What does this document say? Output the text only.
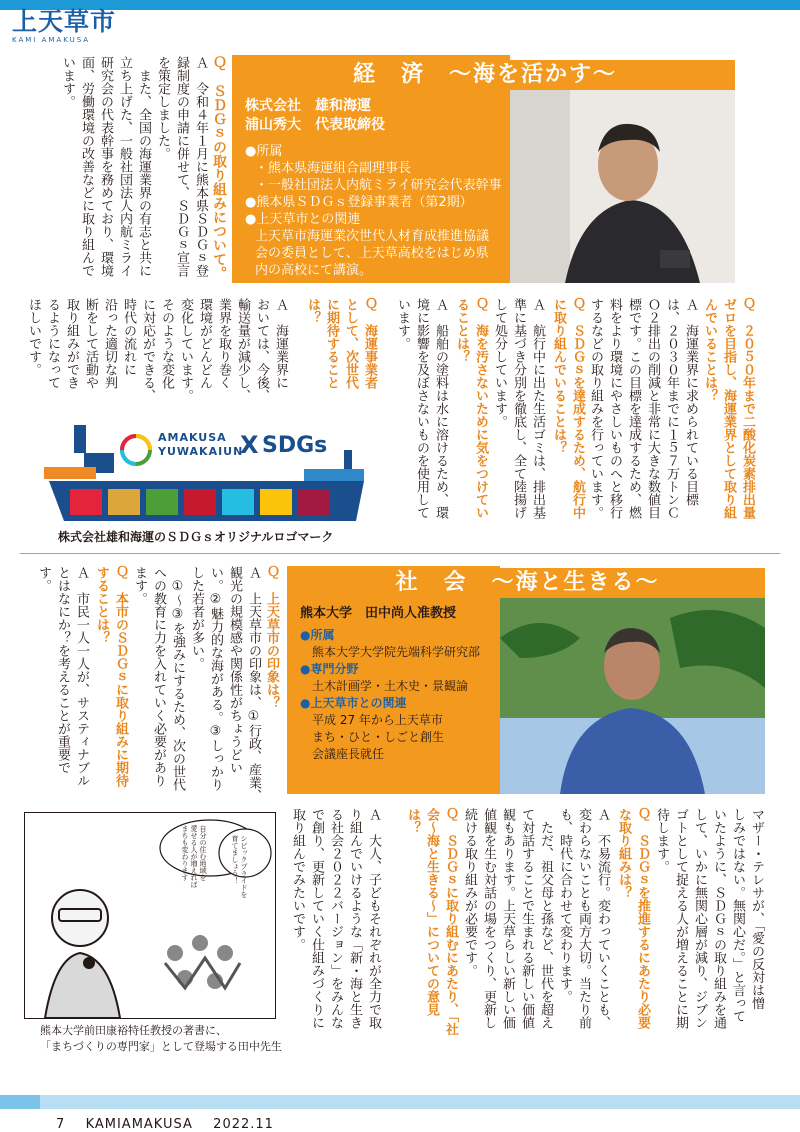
上天草市
KAMI AMAKUSA
経　済　～海を活かす～
株式会社　雄和海運
浦山秀大　代表取締役
●所属
・熊本県海運組合副理事長
・一般社団法人内航ミライ研究会代表幹事
●熊本県ＳＤＧｓ登録事業者（第2期）
●上天草市との関連
上天草市海運業次世代人材育成推進協議
会の委員として、上天草高校をはじめ県
内の高校にて講演。
Ｑ　ＳＤＧｓの取り組みについて。
Ａ　令和４年１月に熊本県ＳＤＧｓ登
録制度の申請に併せて、ＳＤＧｓ宣言
を策定しました。
　また、全国の海運業界の有志と共に
立ち上げた、一般社団法人内航ミライ
研究会の代表幹事を務めており、環境
面、労働環境の改善などに取り組んで
います。
Ｑ　２０５０年まで二酸化炭素排出量
ゼロを目指し、海運業界として取り組
んでいることは？
Ａ　海運業界に求められている目標
は、２０３０年までに１５７万トンＣ
Ｏ２排出の削減と非常に大きな数値目
標です。この目標を達成するため、燃
料をより環境にやさしいものへと移行
するなどの取り組みを行っています。
Ｑ　ＳＤＧｓを達成するため、航行中
に取り組んでいることは？
Ａ　航行中に出た生活ゴミは、排出基
準に基づき分別を徹底し、全て陸揚げ
して処分しています。
Ｑ　海を汚さないために気をつけてい
ることは？
Ａ　船舶の塗料は水に溶けるため、環
境に影響を及ぼさないものを使用して
います。
Ｑ　海運事業者
として、次世代
に期待すること
は？
Ａ　海運業界に
おいては、今後、
輸送量が減少し、
業界を取り巻く
環境がどんどん
変化しています。
そのような変化
に対応ができる、
時代の流れに
沿った適切な判
断をして活動や
取り組みができ
るようになって
ほしいです。
AMAKUSA
YUWAKAIUN
X SDGs
株式会社雄和海運のＳＤＧｓオリジナルロゴマーク
社　会　～海と生きる～
熊本大学　田中尚人准教授
●所属
熊本大学大学院先端科学研究部
●専門分野
土木計画学・土木史・景観論
●上天草市との関連
平成 27 年から上天草市
まち・ひと・しごと創生
会議座長就任
Ｑ　上天草市の印象は？
Ａ　上天草市の印象は、①行政、産業、
観光の規模感や関係性がちょうどい
い。②魅力的な海がある。③しっかり
した若者が多い。
　①～③を強みにするため、次の世代
への教育に力を入れていく必要があり
ます。
Ｑ　本市のＳＤＧｓに取り組みに期待
することは？
Ａ　市民一人一人が、サスティナブル
とはなにか？を考えることが重要で
す。
マザー・テレサが、「愛の反対は憎
しみではない。無関心だ。」と言って
いたように、ＳＤＧｓの取り組みを通
して、いかに無関心層が減り、ジブン
ゴトとして捉える人が増えることに期
待します。
Ｑ　ＳＤＧｓを推進するにあたり必要
な取り組みは？
Ａ　不易流行。変わっていくことも、
変わらないことも両方大切。当たり前
も、時代に合わせて変わります。
　ただ、祖父母と孫など、世代を超え
て対話することで生まれる新しい価値
観もあります。上天草らしい新しい価
値観を生む対話の場をつくり、更新し
続ける取り組みが必要です。
Ｑ　ＳＤＧｓに取り組むにあたり、「社
会～海と生きる～」についての意見
は？
Ａ　大人、子どもそれぞれが全力で取
り組んでいけるような「新・海と生き
る社会２０２２バージョン」をみんな
で創り、更新していく仕組みづくりに
取り組んでみたいです。
シビックプライドを
育てましょう！
自分の住む地域を
愛せる人が増えれば
まちも変わります
熊本大学前田康裕特任教授の著書に、
「まちづくりの専門家」として登場する田中先生
7 KAMIAMAKUSA 2022.11
